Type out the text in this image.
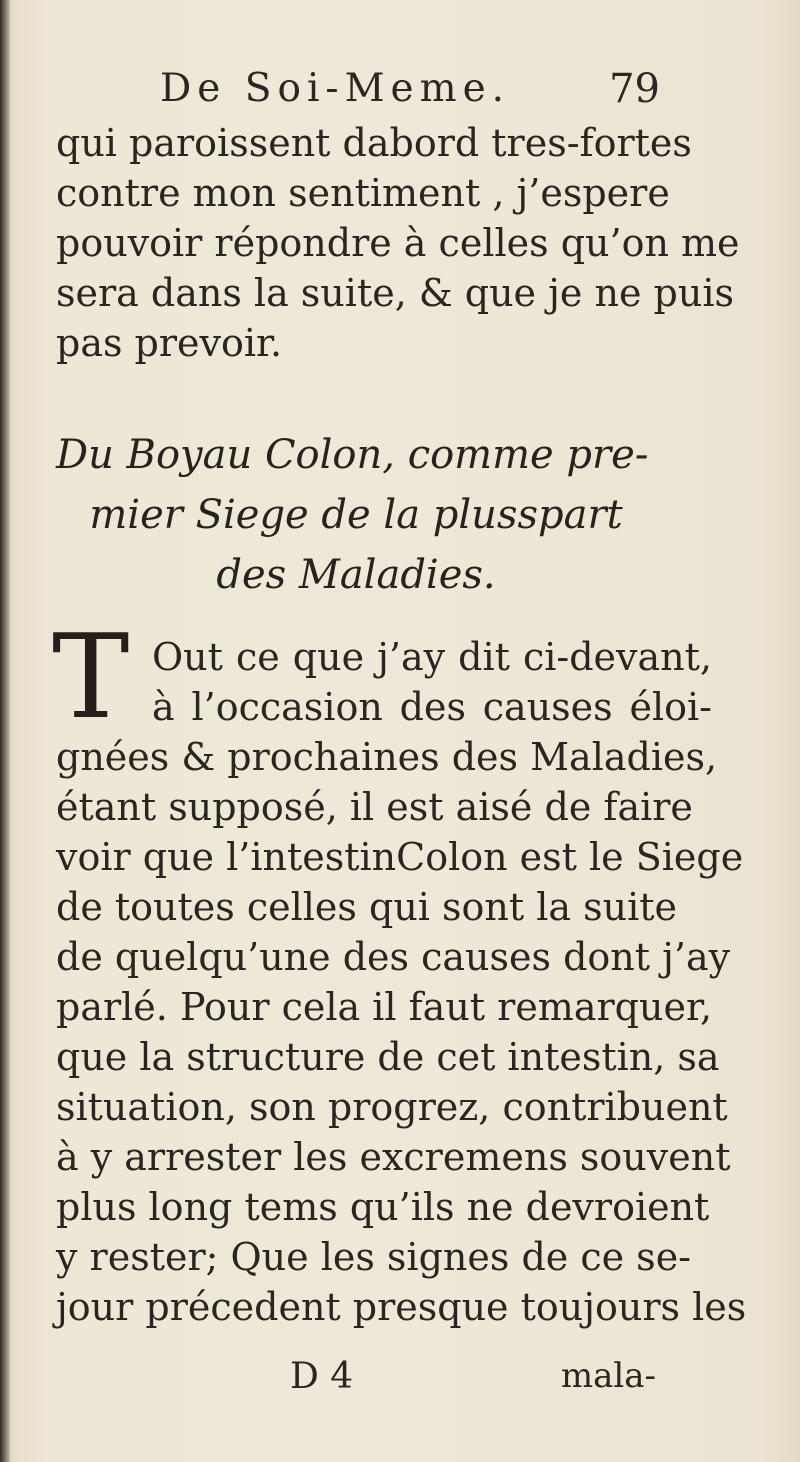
De Soi-Meme. 79
qui paroissent dabord tres-fortes
contre mon sentiment , j’espere
pouvoir répondre à celles qu’on me
sera dans la suite, & que je ne puis
pas prevoir.
Du Boyau Colon, comme pre-
mier Siege de la plusspart
des Maladies.
T Out ce que j’ay dit ci-devant,
à l’occasion des causes éloi-
gnées & prochaines des Maladies,
étant supposé, il est aisé de faire
voir que l’intestinColon est le Siege
de toutes celles qui sont la suite
de quelqu’une des causes dont j’ay
parlé. Pour cela il faut remarquer,
que la structure de cet intestin, sa
situation, son progrez, contribuent
à y arrester les excremens souvent
plus long tems qu’ils ne devroient
y rester; Que les signes de ce se-
jour précedent presque toujours les
D 4	mala-
